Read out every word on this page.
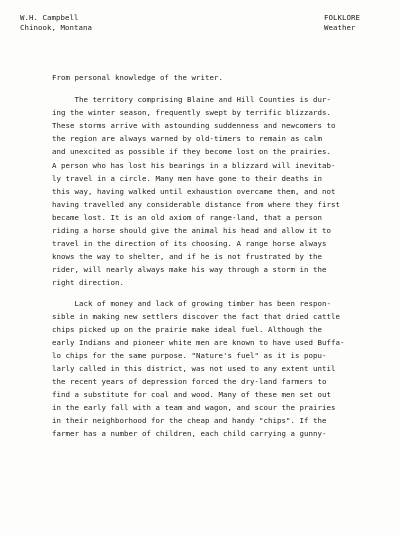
W.H. Campbell
Chinook, Montana
FOLKLORE
Weather
From personal knowledge of the writer.
The territory comprising Blaine and Hill Counties is dur-
ing the winter season, frequently swept by terrific blizzards.
These storms arrive with astounding suddenness and newcomers to
the region are always warned by old-timers to remain as calm
and unexcited as possible if they become lost on the prairies.
A person who has lost his bearings in a blizzard will inevitab-
ly travel in a circle. Many men have gone to their deaths in
this way, having walked until exhaustion overcame them, and not
having travelled any considerable distance from where they first
became lost. It is an old axiom of range-land, that a person
riding a horse should give the animal his head and allow it to
travel in the direction of its choosing. A range horse always
knows the way to shelter, and if he is not frustrated by the
rider, will nearly always make his way through a storm in the
right direction.
Lack of money and lack of growing timber has been respon-
sible in making new settlers discover the fact that dried cattle
chips picked up on the prairie make ideal fuel. Although the
early Indians and pioneer white men are known to have used Buffa-
lo chips for the same purpose. "Nature's fuel" as it is popu-
larly called in this district, was not used to any extent until
the recent years of depression forced the dry-land farmers to
find a substitute for coal and wood. Many of these men set out
in the early fall with a team and wagon, and scour the prairies
in their neighborhood for the cheap and handy "chips". If the
farmer has a number of children, each child carrying a gunny-
